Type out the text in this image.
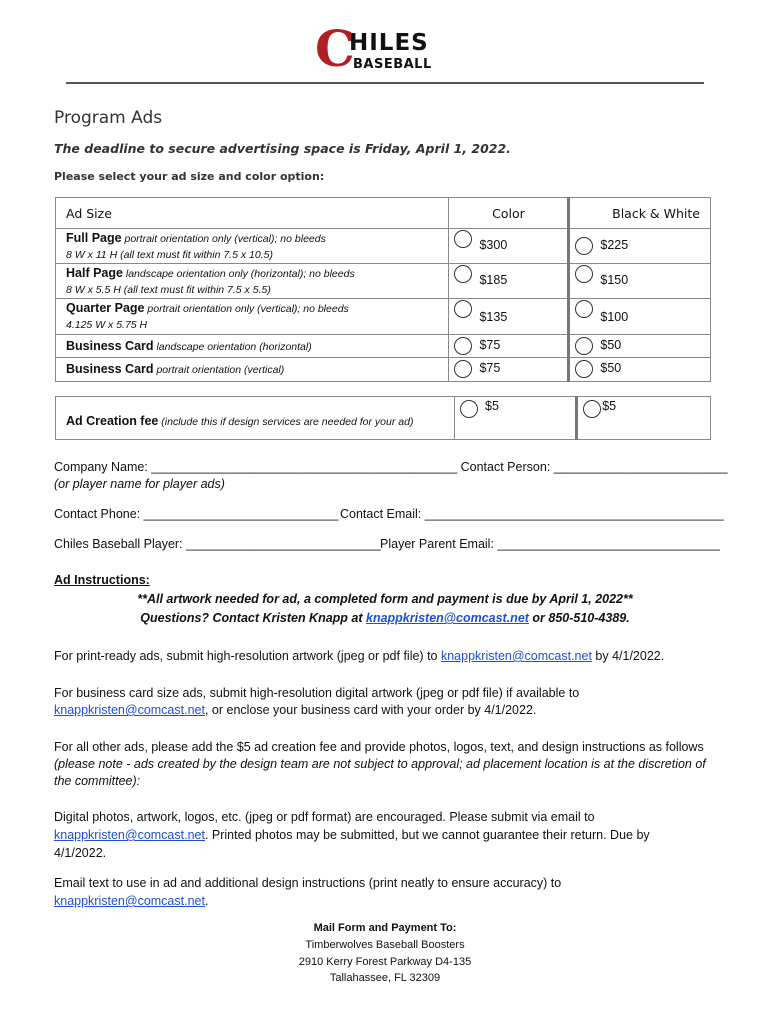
C
HILES
BASEBALL
Program Ads
The deadline to secure advertising space is Friday, April 1, 2022.
Please select your ad size and color option:
Ad Size	Color	Black & White
Full Page portrait orientation only (vertical); no bleeds
8 W x 11 H (all text must fit within 7.5 x 10.5)	$300	$225

Half Page landscape orientation only (horizontal); no bleeds
8 W x 5.5 H (all text must fit within 7.5 x 5.5)	$185	$150

Quarter Page portrait orientation only (vertical); no bleeds
4.125 W x 5.75 H	$135	$100

Business Card landscape orientation (horizontal)	$75	$50

Business Card portrait orientation (vertical)	$75	$50
Ad Creation fee (include this if design services are needed for your ad)	
$5	$5
Company Name: ____________________________________________ Contact Person: _________________________
(or player name for player ads)
Contact Phone: ____________________________ Contact Email: ___________________________________________
Chiles Baseball Player: ____________________________ Player Parent Email: ________________________________
Ad Instructions:
**All artwork needed for ad, a completed form and payment is due by April 1, 2022**
Questions? Contact Kristen Knapp at knappkristen@comcast.net or 850-510-4389.
For print-ready ads, submit high-resolution artwork (jpeg or pdf file) to knappkristen@comcast.net by 4/1/2022.
For business card size ads, submit high-resolution digital artwork (jpeg or pdf file) if available to
knappkristen@comcast.net, or enclose your business card with your order by 4/1/2022.
For all other ads, please add the $5 ad creation fee and provide photos, logos, text, and design instructions as follows
(please note - ads created by the design team are not subject to approval; ad placement location is at the discretion of
the committee):
Digital photos, artwork, logos, etc. (jpeg or pdf format) are encouraged. Please submit via email to
knappkristen@comcast.net. Printed photos may be submitted, but we cannot guarantee their return. Due by
4/1/2022.
Email text to use in ad and additional design instructions (print neatly to ensure accuracy) to
knappkristen@comcast.net.
Mail Form and Payment To:
Timberwolves Baseball Boosters
2910 Kerry Forest Parkway D4-135
Tallahassee, FL 32309
